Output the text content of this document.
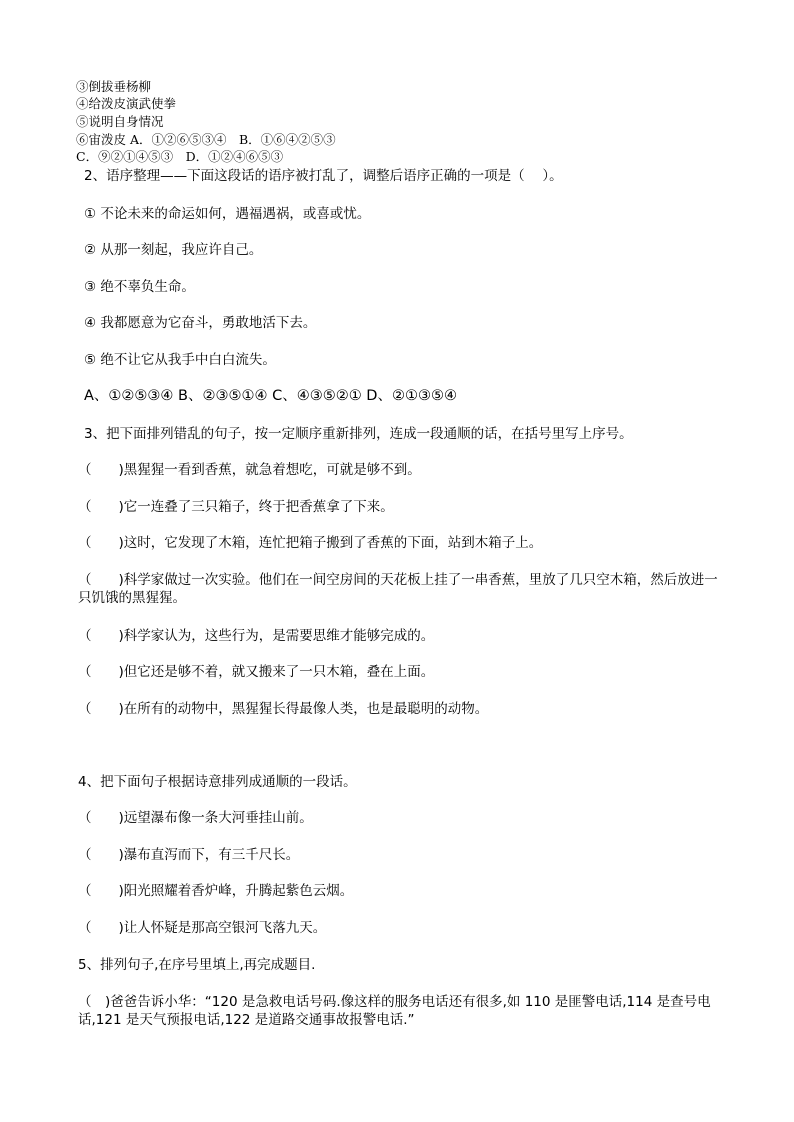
③倒拔垂杨柳
④给泼皮演武使拳
⑤说明自身情况
⑥宙泼皮 A．①②⑥⑤③④　B．①⑥④②⑤③
C．⑨②①④⑤③　D．①②④⑥⑤③
2、语序整理——下面这段话的语序被打乱了，调整后语序正确的一项是（　 ）。
① 不论未来的命运如何，遇福遇祸，或喜或忧。
② 从那一刻起，我应许自己。
③ 绝不辜负生命。
④ 我都愿意为它奋斗，勇敢地活下去。
⑤ 绝不让它从我手中白白流失。
A、①②⑤③④ B、②③⑤①④ C、④③⑤②① D、②①③⑤④
3、把下面排列错乱的句子，按一定顺序重新排列，连成一段通顺的话，在括号里写上序号。
（　　)黑猩猩一看到香蕉，就急着想吃，可就是够不到。
（　　)它一连叠了三只箱子，终于把香蕉拿了下来。
（　　)这时，它发现了木箱，连忙把箱子搬到了香蕉的下面，站到木箱子上。
（　　)科学家做过一次实验。他们在一间空房间的天花板上挂了一串香蕉，里放了几只空木箱，然后放进一只饥饿的黑猩猩。
（　　)科学家认为，这些行为，是需要思维才能够完成的。
（　　)但它还是够不着，就又搬来了一只木箱，叠在上面。
（　　)在所有的动物中，黑猩猩长得最像人类，也是最聪明的动物。
4、把下面句子根据诗意排列成通顺的一段话。
（　　)远望瀑布像一条大河垂挂山前。
（　　)瀑布直泻而下，有三千尺长。
（　　)阳光照耀着香炉峰，升腾起紫色云烟。
（　　)让人怀疑是那高空银河飞落九天。
5、排列句子,在序号里填上,再完成题目.
（　)爸爸告诉小华：“120 是急救电话号码.像这样的服务电话还有很多,如 110 是匪警电话,114 是查号电话,121 是天气预报电话,122 是道路交通事故报警电话.”
